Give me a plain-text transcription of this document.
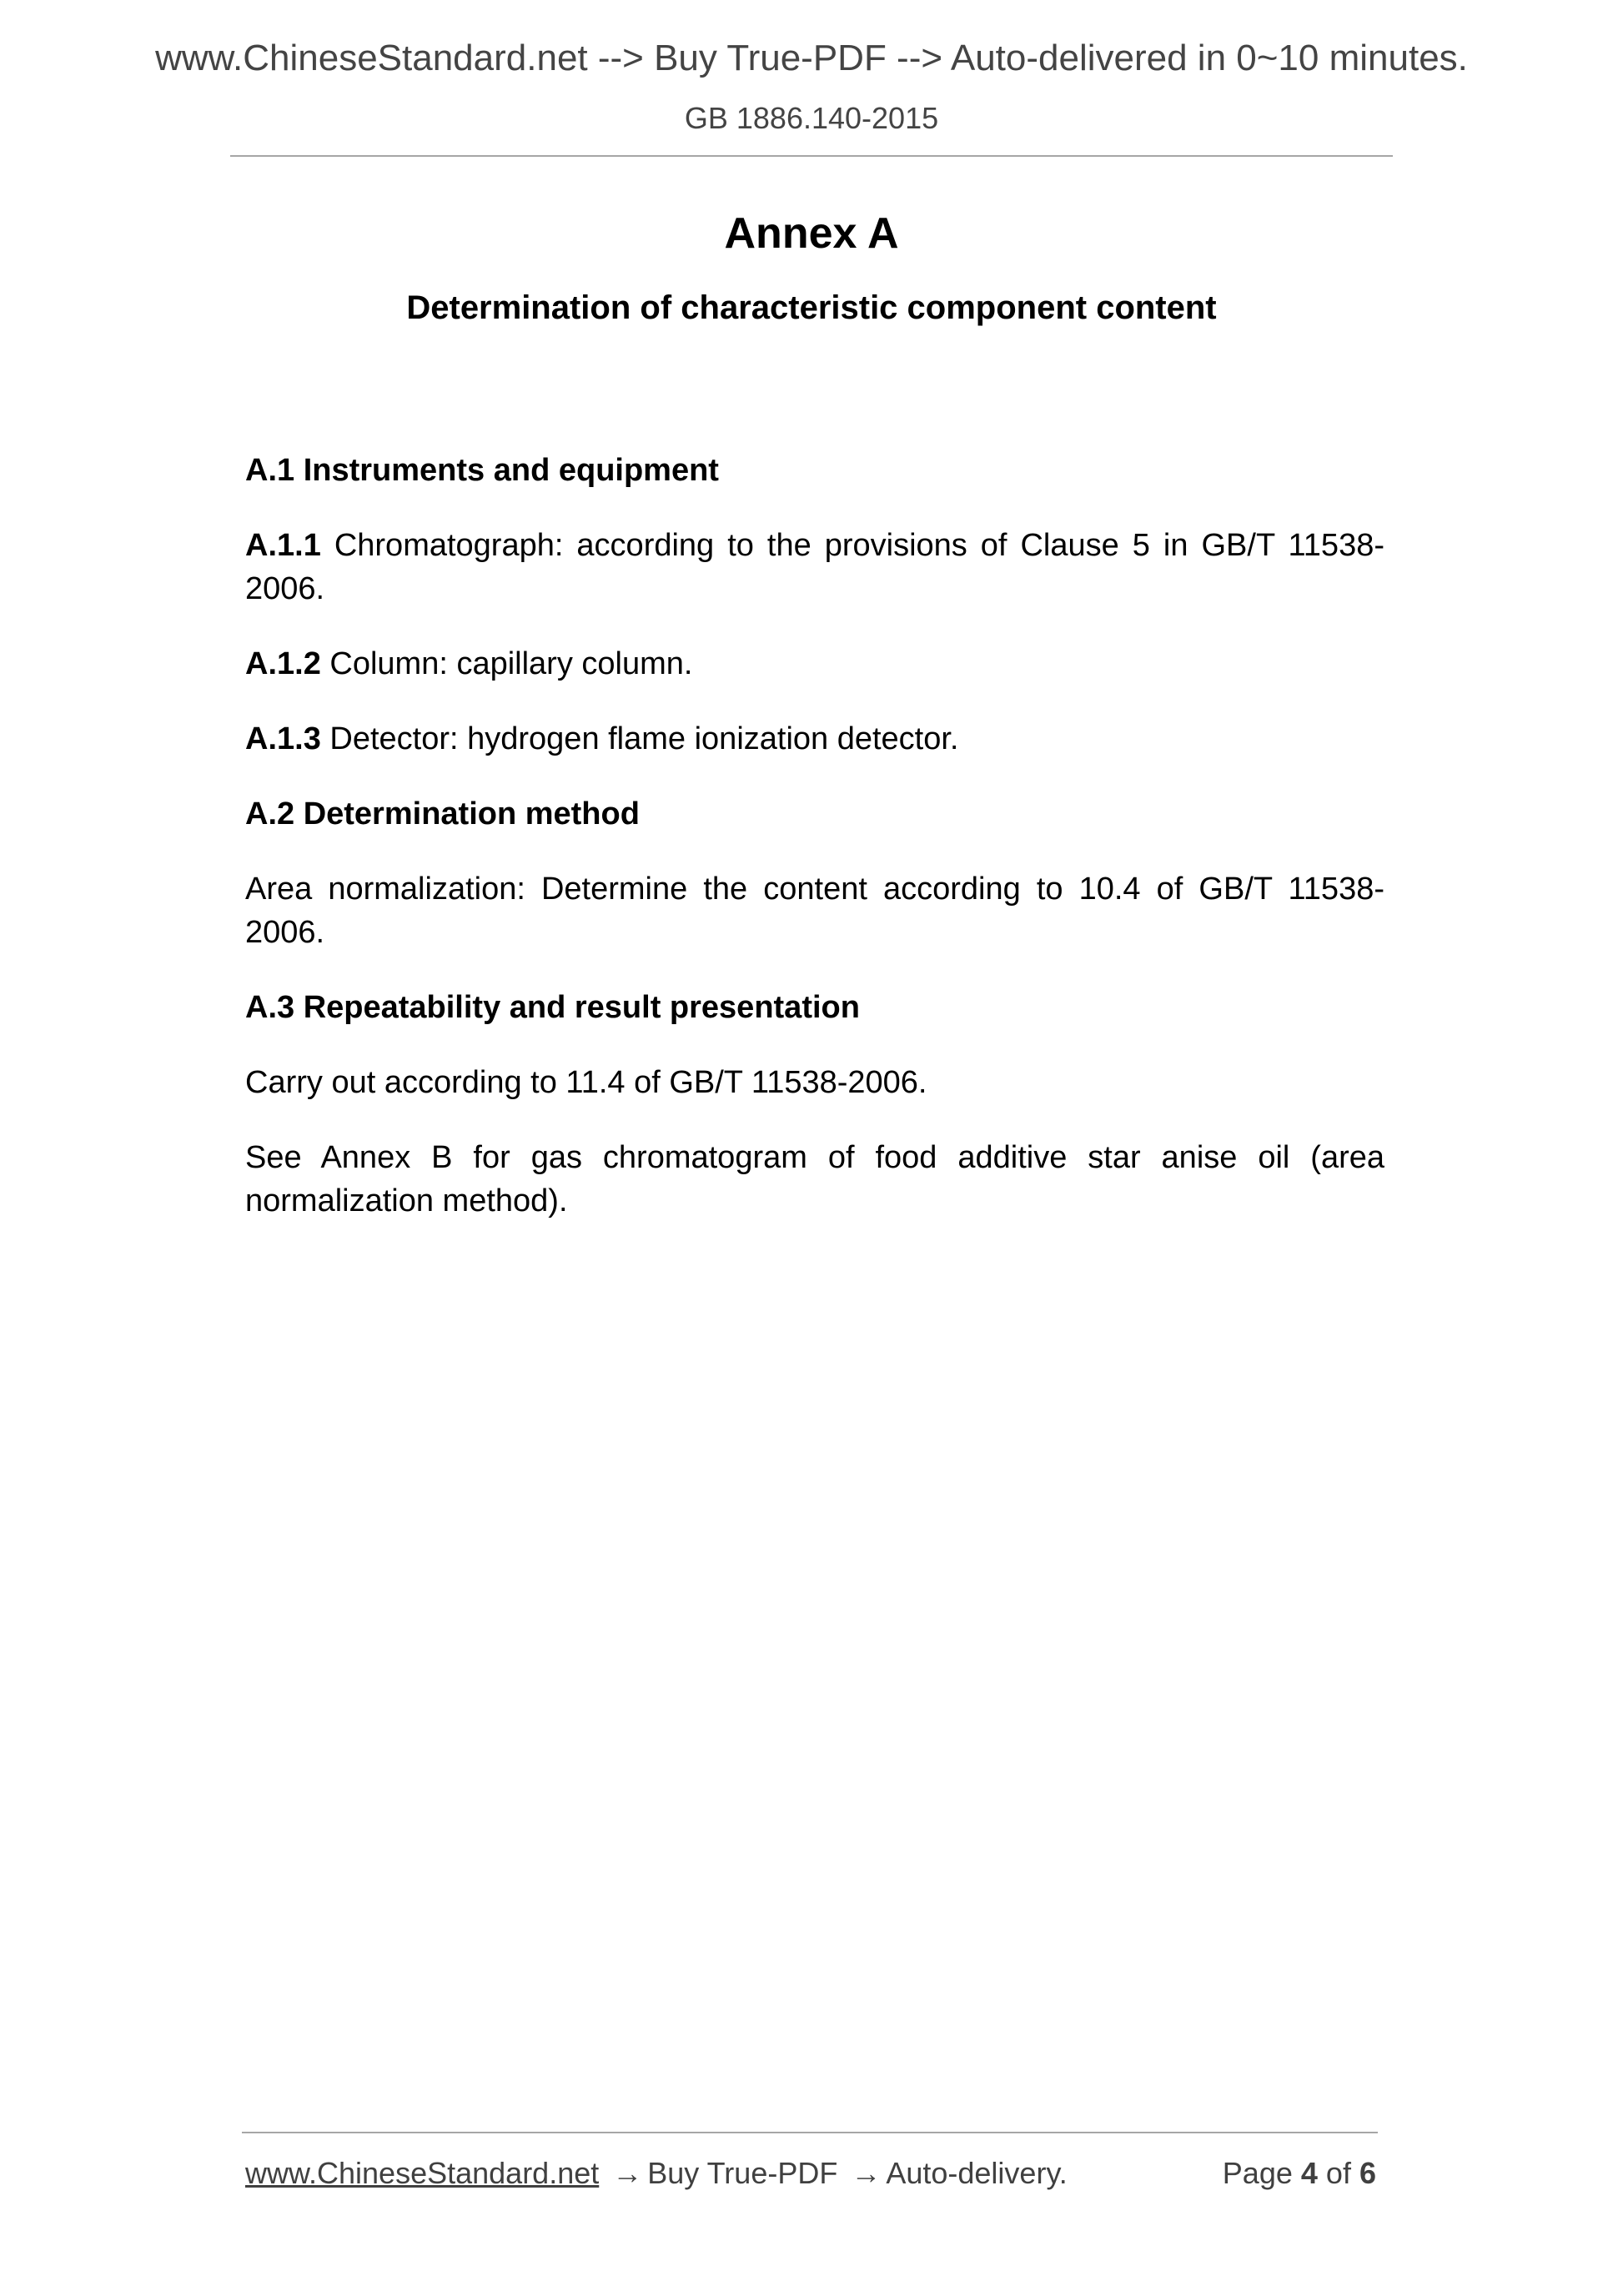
www.ChineseStandard.net --> Buy True-PDF --> Auto-delivered in 0~10 minutes.
GB 1886.140-2015
Annex A
Determination of characteristic component content
A.1 Instruments and equipment

A.1.1 Chromatograph: according to the provisions of Clause 5 in GB/T 11538-2006.

A.1.2 Column: capillary column.

A.1.3 Detector: hydrogen flame ionization detector.

A.2 Determination method

Area normalization: Determine the content according to 10.4 of GB/T 11538-2006.

A.3 Repeatability and result presentation

Carry out according to 11.4 of GB/T 11538-2006.

See Annex B for gas chromatogram of food additive star anise oil (area normalization method).

www.ChineseStandard.net → Buy True-PDF → Auto-delivery.	Page 4 of 6
